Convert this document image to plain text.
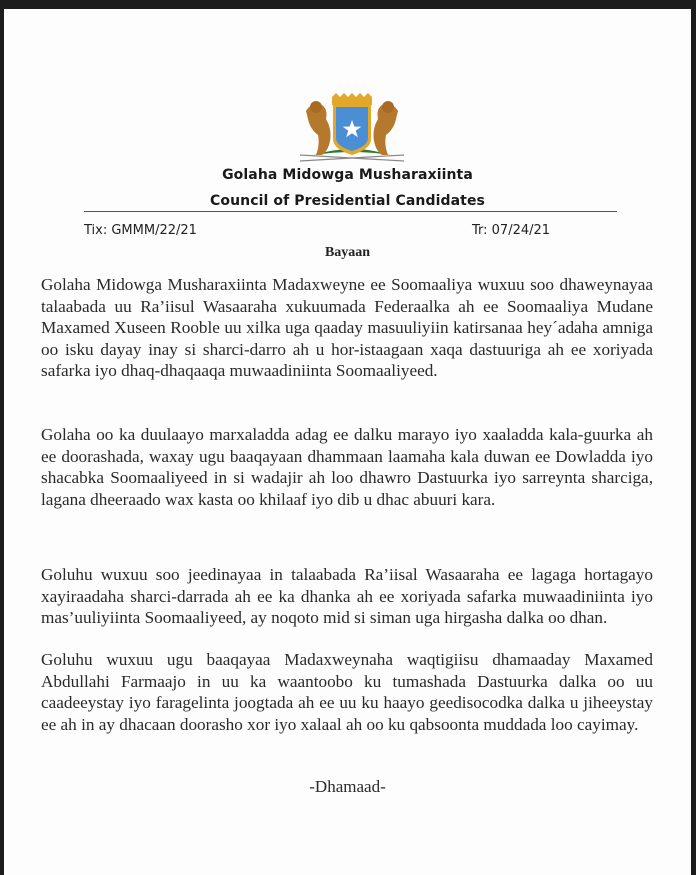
Golaha Midowga Musharaxiinta
Council of Presidential Candidates
Tix: GMMM/22/21	Tr: 07/24/21
Bayaan

Golaha Midowga Musharaxiinta Madaxweyne ee Soomaaliya wuxuu soo dhaweynayaa talaabada uu Ra’iisul Wasaaraha xukuumada Federaalka ah ee Soomaaliya Mudane Maxamed Xuseen Rooble uu xilka uga qaaday masuuliyiin katirsanaa hey´adaha amniga oo isku dayay inay si sharci-darro ah u hor-istaagaan xaqa dastuuriga ah ee xoriyada safarka iyo dhaq-dhaqaaqa muwaadiniinta Soomaaliyeed.

Golaha oo ka duulaayo marxaladda adag ee dalku marayo iyo xaaladda kala-guurka ah ee doorashada, waxay ugu baaqayaan dhammaan laamaha kala duwan ee Dowladda iyo shacabka Soomaaliyeed in si wadajir ah loo dhawro Dastuurka iyo sarreynta sharciga, lagana dheeraado wax kasta oo khilaaf iyo dib u dhac abuuri kara.

Goluhu wuxuu soo jeedinayaa in talaabada Ra’iisal Wasaaraha ee lagaga hortagayo xayiraadaha sharci-darrada ah ee ka dhanka ah ee xoriyada safarka muwaadiniinta iyo mas’uuliyiinta Soomaaliyeed, ay noqoto mid si siman uga hirgasha dalka oo dhan.

Goluhu wuxuu ugu baaqayaa Madaxweynaha waqtigiisu dhamaaday Maxamed Abdullahi Farmaajo in uu ka waantoobo ku tumashada Dastuurka dalka oo uu caadeeystay iyo faragelinta joogtada ah ee uu ku haayo geedisocodka dalka u jiheeystay ee ah in ay dhacaan doorasho xor iyo xalaal ah oo ku qabsoonta muddada loo cayimay.

-Dhamaad-
